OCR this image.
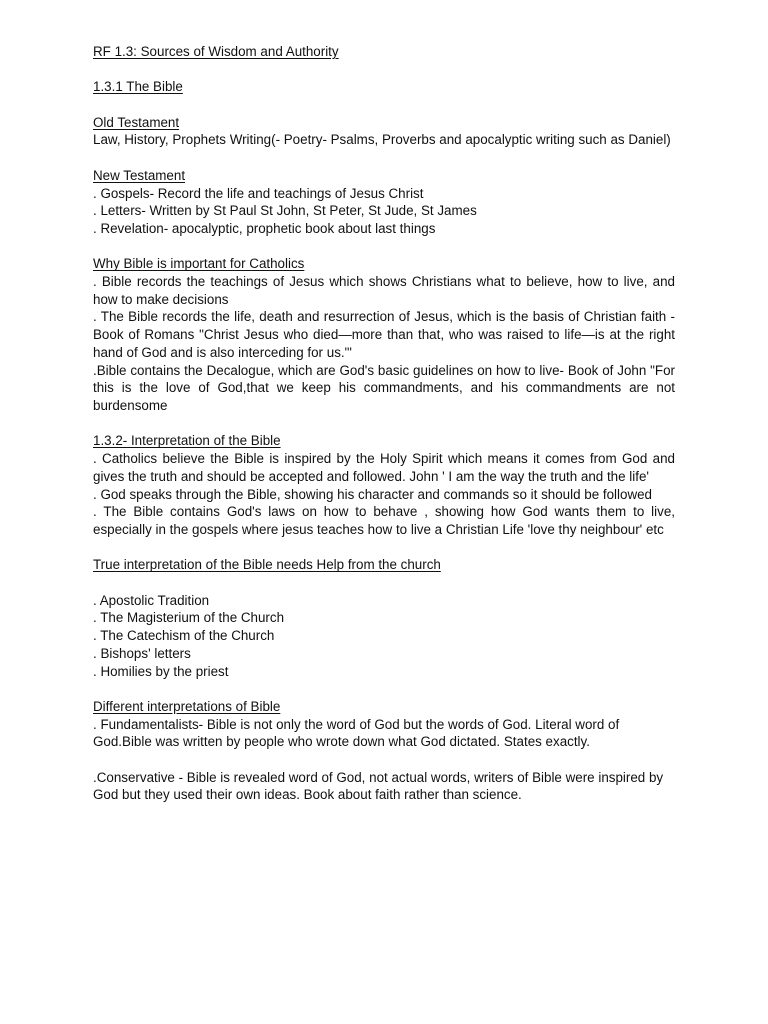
RF 1.3: Sources of Wisdom and Authority
1.3.1 The Bible
Old Testament
Law, History, Prophets Writing(- Poetry- Psalms, Proverbs and apocalyptic writing such as Daniel)
New Testament
. Gospels- Record the life and teachings of Jesus Christ
. Letters- Written by St Paul St John, St Peter, St Jude, St James
. Revelation- apocalyptic, prophetic book about last things
Why Bible is important for Catholics
. Bible records the teachings of Jesus which shows Christians what to believe, how to live, and how to make decisions
. The Bible records the life, death and resurrection of Jesus, which is the basis of Christian faith - Book of Romans "Christ Jesus who died—more than that, who was raised to life—is at the right hand of God and is also interceding for us."'
.Bible contains the Decalogue, which are God's basic guidelines on how to live- Book of John "For this is the love of God,that we keep his commandments, and his commandments are not burdensome
1.3.2- Interpretation of the Bible
. Catholics believe the Bible is inspired by the Holy Spirit which means it comes from God and gives the truth and should be accepted and followed. John ' I am the way the truth and the life'
. God speaks through the Bible, showing his character and commands so it should be followed
. The Bible contains God's laws on how to behave , showing how God wants them to live, especially in the gospels where jesus teaches how to live a Christian Life 'love thy neighbour' etc
True interpretation of the Bible needs Help from the church
. Apostolic Tradition
. The Magisterium of the Church
. The Catechism of the Church
. Bishops' letters
. Homilies by the priest
Different interpretations of Bible
. Fundamentalists- Bible is not only the word of God but the words of God. Literal word of God.Bible was written by people who wrote down what God dictated. States exactly.
.Conservative - Bible is revealed word of God, not actual words, writers of Bible were inspired by God but they used their own ideas. Book about faith rather than science.
